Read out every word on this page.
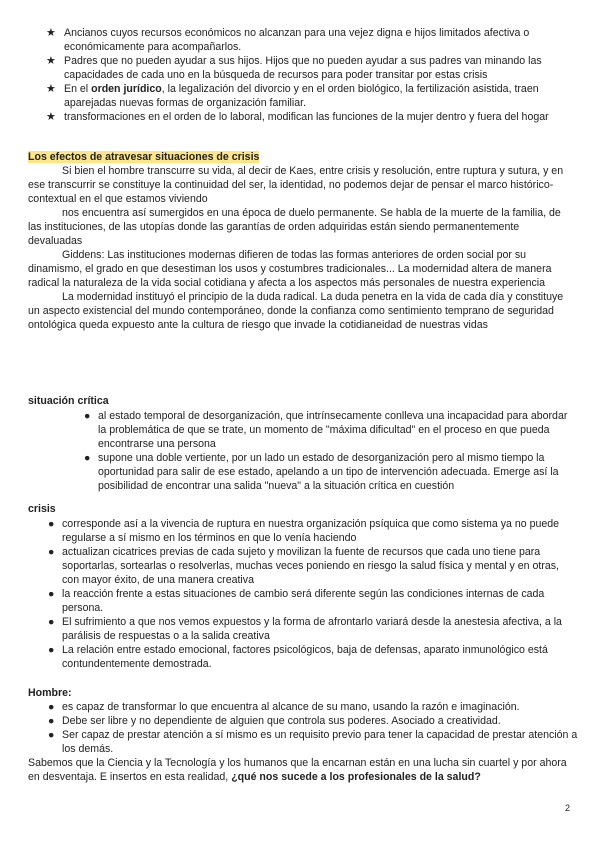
★ Ancianos cuyos recursos económicos no alcanzan para una vejez digna e hijos limitados afectiva o económicamente para acompañarlos.
★ Padres que no pueden ayudar a sus hijos. Hijos que no pueden ayudar a sus padres van minando las capacidades de cada uno en la búsqueda de recursos para poder transitar por estas crisis
★ En el orden jurídico, la legalización del divorcio y en el orden biológico, la fertilización asistida, traen aparejadas nuevas formas de organización familiar.
★ transformaciones en el orden de lo laboral, modifican las funciones de la mujer dentro y fuera del hogar
Los efectos de atravesar situaciones de crisis
Si bien el hombre transcurre su vida, al decir de Kaes, entre crisis y resolución, entre ruptura y sutura, y en ese transcurrir se constituye la continuidad del ser, la identidad, no podemos dejar de pensar el marco histórico-contextual en el que estamos viviendo
nos encuentra así sumergidos en una época de duelo permanente. Se habla de la muerte de la familia, de las instituciones, de las utopías donde las garantías de orden adquiridas están siendo permanentemente devaluadas
Giddens: Las instituciones modernas difieren de todas las formas anteriores de orden social por su dinamismo, el grado en que desestiman los usos y costumbres tradicionales... La modernidad altera de manera radical la naturaleza de la vida social cotidiana y afecta a los aspectos más personales de nuestra experiencia
La modernidad instituyó el principio de la duda radical. La duda penetra en la vida de cada día y constituye un aspecto existencial del mundo contemporáneo, donde la confianza como sentimiento temprano de seguridad ontológica queda expuesto ante la cultura de riesgo que invade la cotidianeidad de nuestras vidas
situación crítica
● al estado temporal de desorganización, que intrínsecamente conlleva una incapacidad para abordar la problemática de que se trate, un momento de "máxima dificultad" en el proceso en que pueda encontrarse una persona
● supone una doble vertiente, por un lado un estado de desorganización pero al mismo tiempo la oportunidad para salir de ese estado, apelando a un tipo de intervención adecuada. Emerge así la posibilidad de encontrar una salida "nueva" a la situación crítica en cuestión
crisis
● corresponde así a la vivencia de ruptura en nuestra organización psíquica que como sistema ya no puede regularse a sí mismo en los términos en que lo venía haciendo
● actualizan cicatrices previas de cada sujeto y movilizan la fuente de recursos que cada uno tiene para soportarlas, sortearlas o resolverlas, muchas veces poniendo en riesgo la salud física y mental y en otras, con mayor éxito, de una manera creativa
● la reacción frente a estas situaciones de cambio será diferente según las condiciones internas de cada persona.
● El sufrimiento a que nos vemos expuestos y la forma de afrontarlo variará desde la anestesia afectiva, a la parálisis de respuestas o a la salida creativa
● La relación entre estado emocional, factores psicológicos, baja de defensas, aparato inmunológico está contundentemente demostrada.
Hombre:
● es capaz de transformar lo que encuentra al alcance de su mano, usando la razón e imaginación.
● Debe ser libre y no dependiente de alguien que controla sus poderes. Asociado a creatividad.
● Ser capaz de prestar atención a sí mismo es un requisito previo para tener la capacidad de prestar atención a los demás.
Sabemos que la Ciencia y la Tecnología y los humanos que la encarnan están en una lucha sin cuartel y por ahora en desventaja. E insertos en esta realidad, ¿qué nos sucede a los profesionales de la salud?
2
